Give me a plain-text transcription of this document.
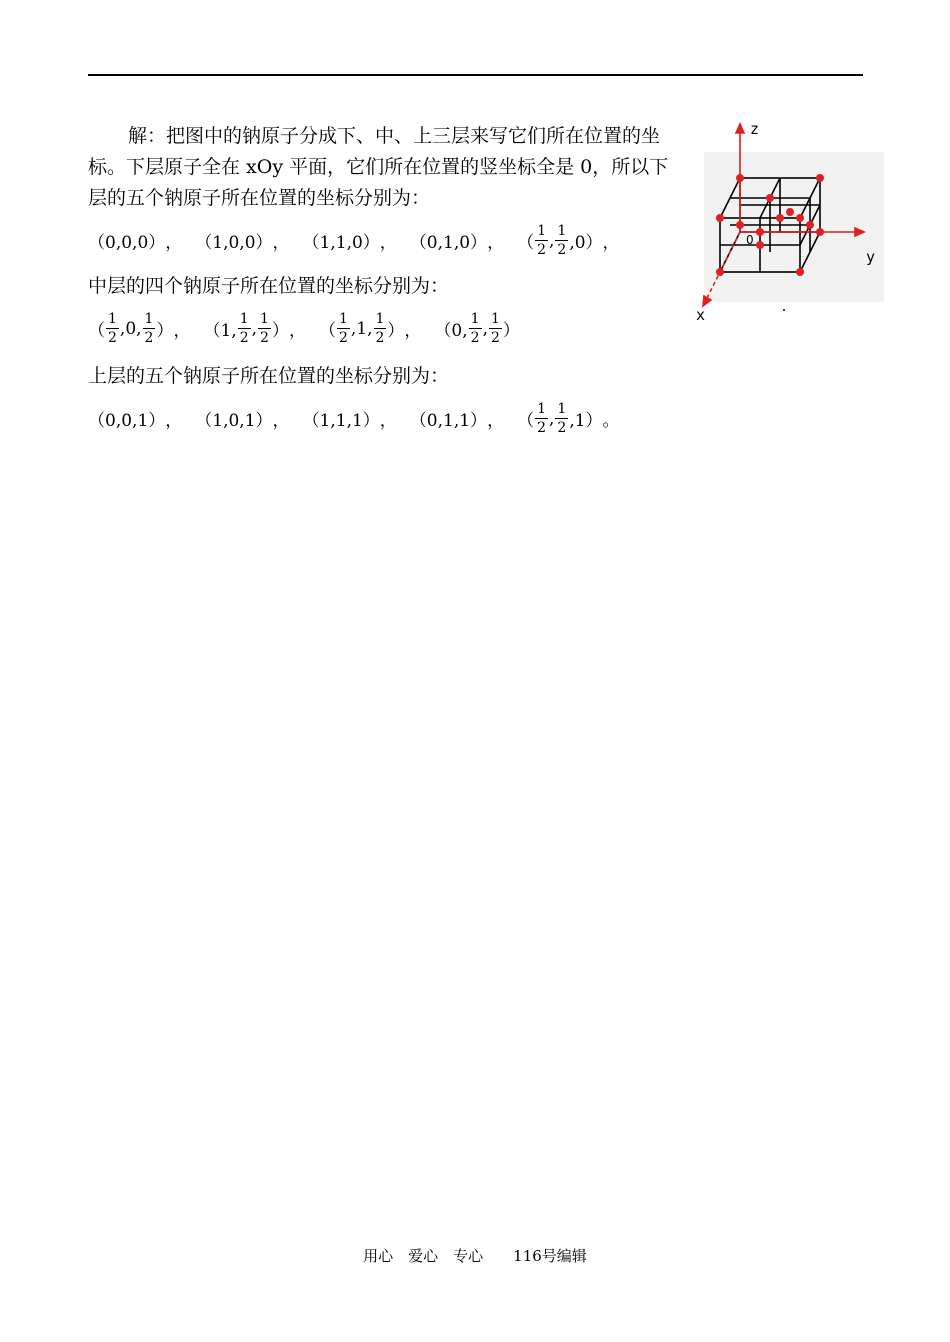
解：把图中的钠原子分成下、中、上三层来写它们所在位置的坐标。下层原子全在 xOy 平面，它们所在位置的竖坐标全是 0，所以下层的五个钠原子所在位置的坐标分别为：
（0,0,0） ， （1,0,0） ， （1,1,0） ， （0,1,0） ， （ $\frac{1}{2}$ , $\frac{1}{2} ,0$） ，
中层的四个钠原子所在位置的坐标分别为：
（ $\frac{1}{2} ,0$, $\frac{1}{2}$ ） ， （1, $\frac{1}{2}$ , $\frac{1}{2}$ ） ， （ $\frac{1}{2} ,1$, $\frac{1}{2}$ ） ， （0, $\frac{1}{2}$ , $\frac{1}{2}$ ）
上层的五个钠原子所在位置的坐标分别为：
（0,0,1） ， （1,0,1） ， （1,1,1） ， （0,1,1） ， （ $\frac{1}{2}$ , $\frac{1}{2} ,1$） 。
z
y
x
0
用心　爱心　专心　　116号编辑
